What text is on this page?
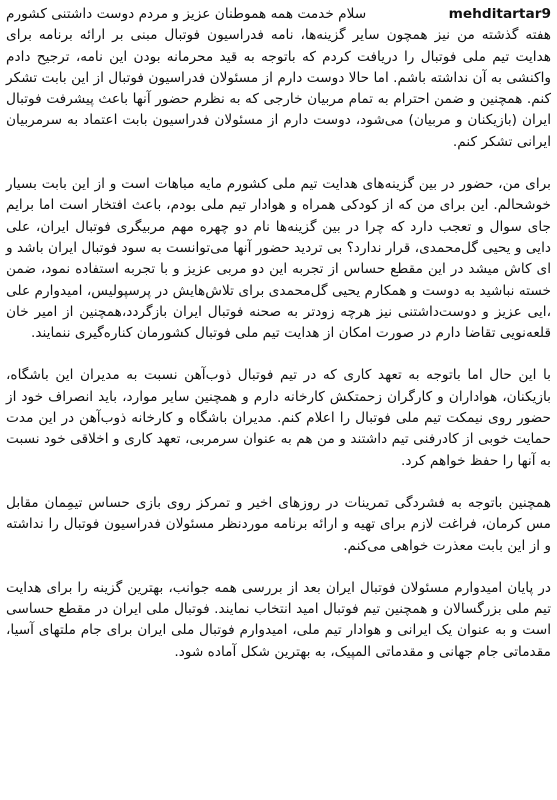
mehditartar9
سلام خدمت همه هموطنان عزیز و مردم دوست داشتنی کشورم

هفته گذشته من نیز همچون سایر گزینه‌ها، نامه فدراسیون فوتبال مبنی بر ارائه برنامه برای هدایت تیم ملی فوتبال را دریافت کردم که باتوجه به قید محرمانه بودن این نامه، ترجیح دادم واکنشی به آن نداشته باشم. اما حالا دوست دارم از مسئولان فدراسیون فوتبال از این بابت تشکر کنم. همچنین و ضمن احترام به تمام مربیان خارجی که به نظرم حضور آنها باعث پیشرفت فوتبال ایران (بازیکنان و مربیان) می‌شود، دوست دارم از مسئولان فدراسیون بابت اعتماد به سرمربیان ایرانی تشکر کنم.

برای من، حضور در بین گزینه‌های هدایت تیم ملی کشورم مایه مباهات است و از این بابت بسیار خوشحالم. این برای من که از کودکی همراه و هوادار تیم ملی بودم، باعث افتخار است اما برایم جای سوال و تعجب دارد که چرا در بین گزینه‌ها نام دو چهره مهم مربیگری فوتبال ایران، علی دایی و یحیی گل‌محمدی، قرار ندارد؟ بی تردید حضور آنها می‌توانست به سود فوتبال ایران باشد و ای کاش میشد در این مقطع حساس از تجربه این دو مربی عزیز و با تجربه استفاده نمود، ضمن خسته نباشید به دوست و همکارم یحیی گل‌محمدی برای تلاش‌هایش در پرسپولیس، امیدوارم علی ،ایی عزیز و دوست‌داشتنی نیز هرچه زودتر به صحنه فوتبال ایران بازگردد،همچنین از امیر خان قلعه‌نویی تقاضا دارم در صورت امکان از هدایت تیم ملی فوتبال کشورمان کناره‌گیری ننمایند.

با این حال اما باتوجه به تعهد کاری که در تیم فوتبال ذوب‌آهن نسبت به مدیران این باشگاه، بازیکنان، هواداران و کارگران زحمتکش کارخانه دارم و همچنین سایر موارد، باید انصراف خود از حضور روی نیمکت تیم ملی فوتبال را اعلام کنم. مدیران باشگاه و کارخانه ذوب‌آهن در این مدت حمایت خوبی از کادرفنی تیم داشتند و من هم به عنوان سرمربی، تعهد کاری و اخلاقی خود نسبت به آنها را حفظ خواهم کرد.

همچنین باتوجه به فشردگی تمرینات در روزهای اخیر و تمرکز روی بازی حساس تیمِمان مقابل مس کرمان، فراغت لازم برای تهیه و ارائه برنامه موردنظر مسئولان فدراسیون فوتبال را نداشته و از این بابت معذرت خواهی می‌کنم.

در پایان امیدوارم مسئولان فوتبال ایران بعد از بررسی همه جوانب، بهترین گزینه را برای هدایت تیم ملی بزرگسالان و همچنین تیم فوتبال امید انتخاب نمایند. فوتبال ملی ایران در مقطع حساسی است و به عنوان یک ایرانی و هوادار تیم ملی، امیدوارم فوتبال ملی ایران برای جام ملتهای آسیا، مقدماتی جام جهانی و مقدماتی المپیک، به بهترین شکل آماده شود.
